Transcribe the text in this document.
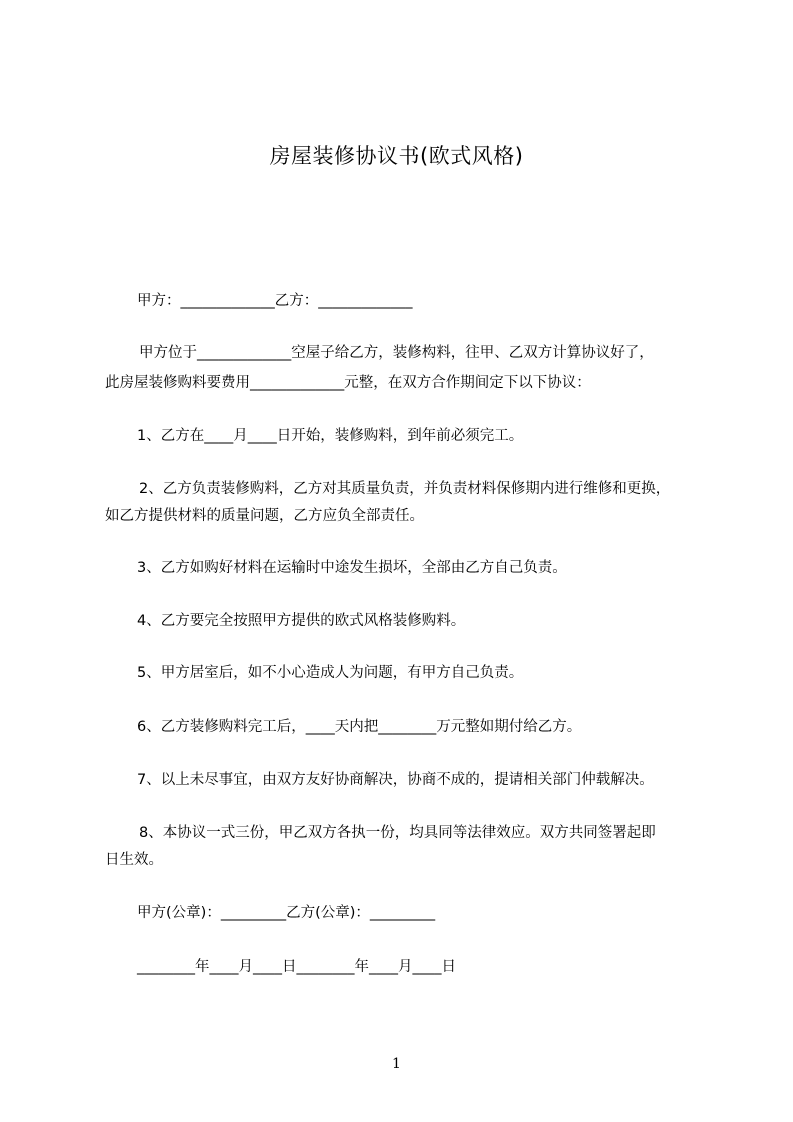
房屋装修协议书(欧式风格)
甲方：_____________乙方：_____________
甲方位于_____________空屋子给乙方，装修构料，往甲、乙双方计算协议好了，
此房屋装修购料要费用_____________元整，在双方合作期间定下以下协议：
1、乙方在____月____日开始，装修购料，到年前必须完工。
2、乙方负责装修购料，乙方对其质量负责，并负责材料保修期内进行维修和更换，
如乙方提供材料的质量问题，乙方应负全部责任。
3、乙方如购好材料在运输时中途发生损坏，全部由乙方自己负责。
4、乙方要完全按照甲方提供的欧式风格装修购料。
5、甲方居室后，如不小心造成人为问题，有甲方自己负责。
6、乙方装修购料完工后，____天内把________万元整如期付给乙方。
7、以上未尽事宜，由双方友好协商解决，协商不成的，提请相关部门仲载解决。
8、本协议一式三份，甲乙双方各执一份，均具同等法律效应。双方共同签署起即
日生效。
甲方(公章)：_________乙方(公章)：_________
________年____月____日________年____月____日
1
